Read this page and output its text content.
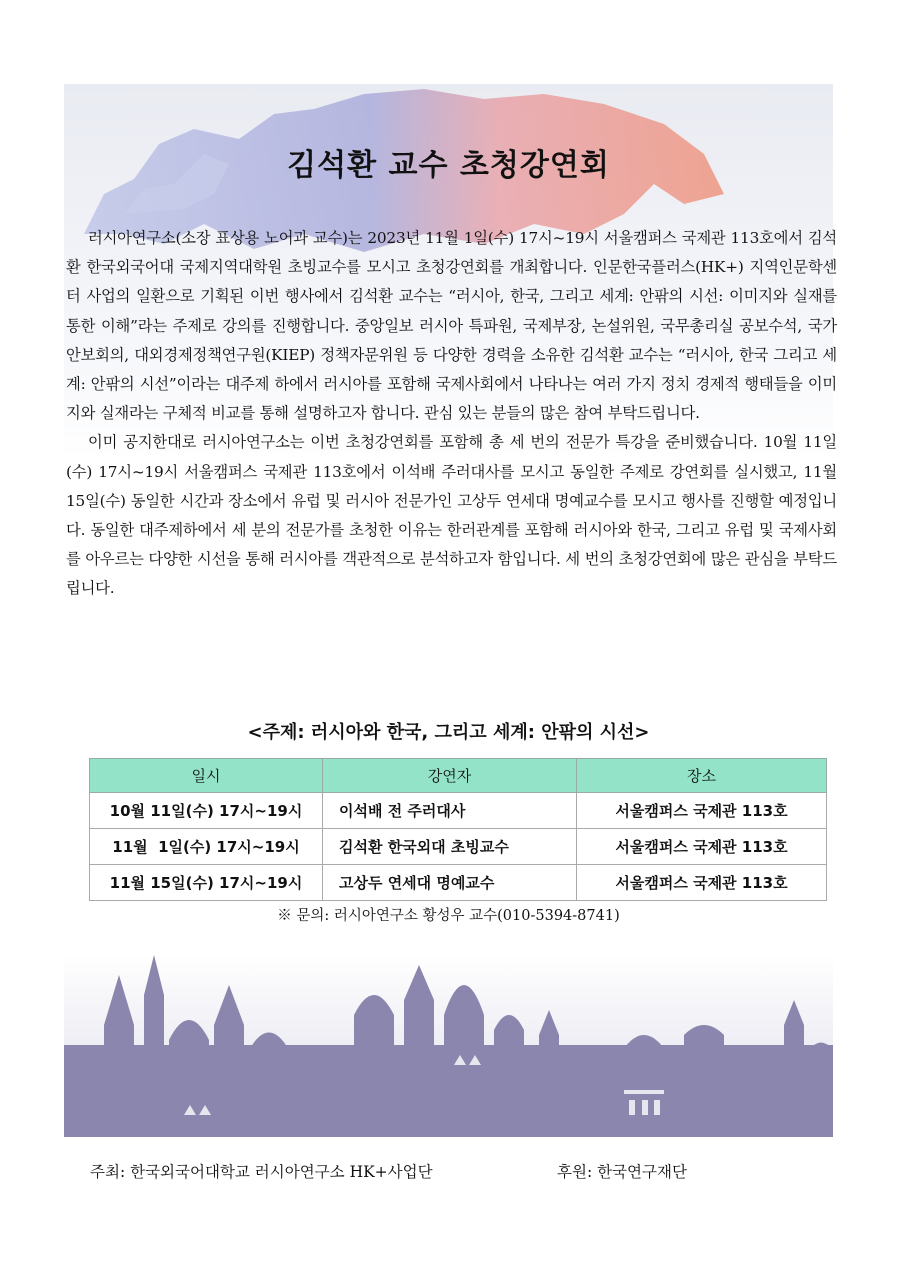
김석환 교수 초청강연회

러시아연구소(소장 표상용 노어과 교수)는 2023년 11월 1일(수) 17시~19시 서울캠퍼스 국제관 113호에서 김석환 한국외국어대 국제지역대학원 초빙교수를 모시고 초청강연회를 개최합니다. 인문한국플러스(HK+) 지역인문학센터 사업의 일환으로 기획된 이번 행사에서 김석환 교수는 “러시아, 한국, 그리고 세계: 안팎의 시선: 이미지와 실재를 통한 이해”라는 주제로 강의를 진행합니다. 중앙일보 러시아 특파원, 국제부장, 논설위원, 국무총리실 공보수석, 국가안보회의, 대외경제정책연구원(KIEP) 정책자문위원 등 다양한 경력을 소유한 김석환 교수는 “러시아, 한국 그리고 세계: 안팎의 시선”이라는 대주제 하에서 러시아를 포함해 국제사회에서 나타나는 여러 가지 정치 경제적 행태들을 이미지와 실재라는 구체적 비교를 통해 설명하고자 합니다. 관심 있는 분들의 많은 참여 부탁드립니다.

이미 공지한대로 러시아연구소는 이번 초청강연회를 포함해 총 세 번의 전문가 특강을 준비했습니다. 10월 11일(수) 17시~19시 서울캠퍼스 국제관 113호에서 이석배 주러대사를 모시고 동일한 주제로 강연회를 실시했고, 11월 15일(수) 동일한 시간과 장소에서 유럽 및 러시아 전문가인 고상두 연세대 명예교수를 모시고 행사를 진행할 예정입니다. 동일한 대주제하에서 세 분의 전문가를 초청한 이유는 한러관계를 포함해 러시아와 한국, 그리고 유럽 및 국제사회를 아우르는 다양한 시선을 통해 러시아를 객관적으로 분석하고자 함입니다. 세 번의 초청강연회에 많은 관심을 부탁드립니다.

<주제: 러시아와 한국, 그리고 세계: 안팎의 시선>
일시	강연자	장소
10월 11일(수) 17시~19시	이석배 전 주러대사	서울캠퍼스 국제관 113호
11월  1일(수) 17시~19시	김석환 한국외대 초빙교수	서울캠퍼스 국제관 113호
11월 15일(수) 17시~19시	고상두 연세대 명예교수	서울캠퍼스 국제관 113호
※ 문의: 러시아연구소 황성우 교수(010-5394-8741)
주최: 한국외국어대학교 러시아연구소 HK+사업단	후원: 한국연구재단
